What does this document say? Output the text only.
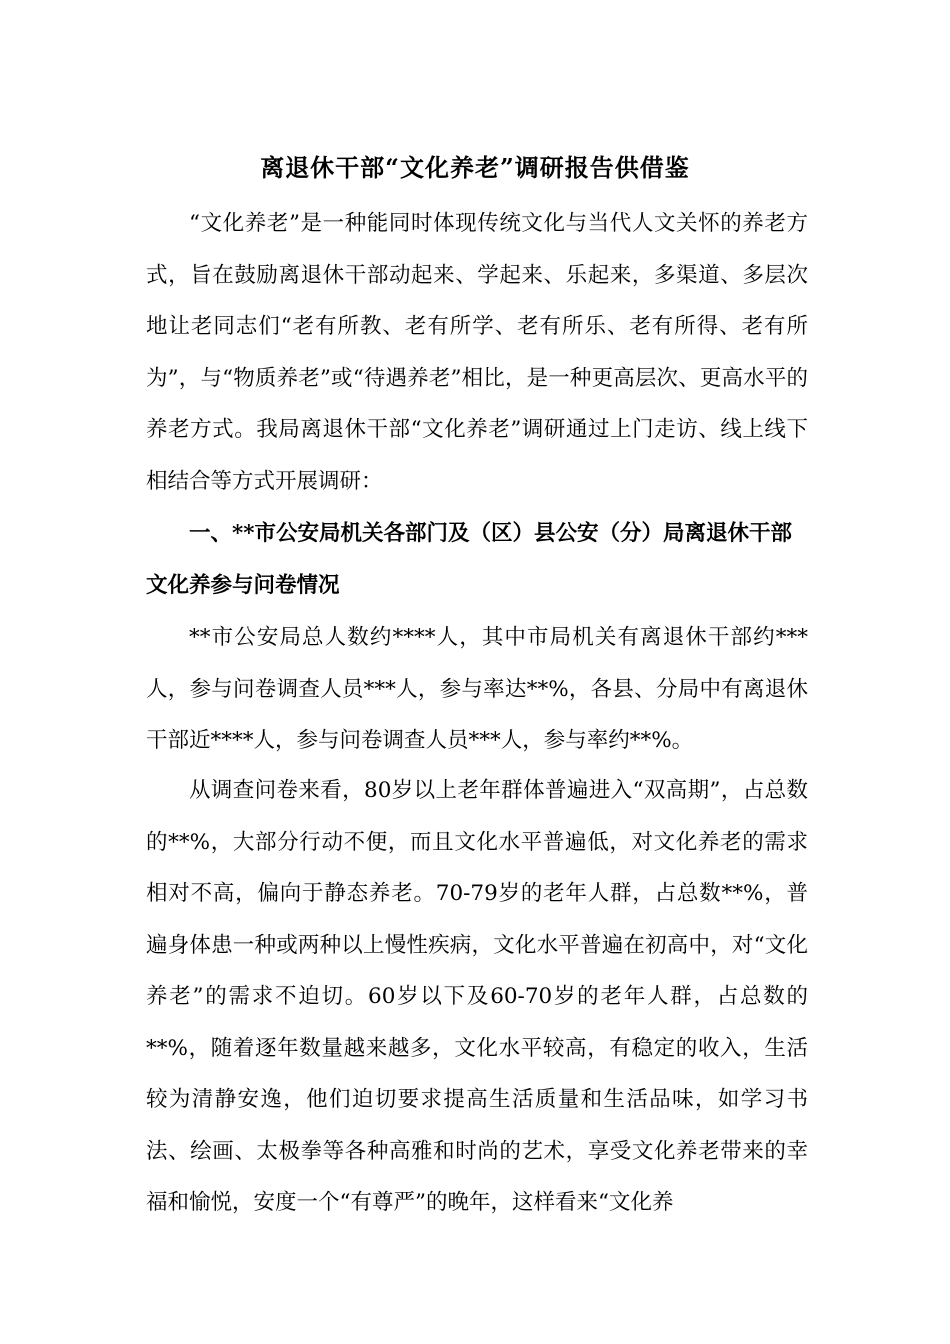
离退休干部“文化养老”调研报告供借鉴

“文化养老”是一种能同时体现传统文化与当代人文关怀的养老方式，旨在鼓励离退休干部动起来、学起来、乐起来，多渠道、多层次地让老同志们“老有所教、老有所学、老有所乐、老有所得、老有所为”，与“物质养老”或“待遇养老”相比，是一种更高层次、更高水平的养老方式。我局离退休干部“文化养老”调研通过上门走访、线上线下相结合等方式开展调研：

一、**市公安局机关各部门及（区）县公安（分）局离退休干部文化养参与问卷情况

**市公安局总人数约****人，其中市局机关有离退休干部约***人，参与问卷调查人员***人，参与率达**%，各县、分局中有离退休干部近****人，参与问卷调查人员***人，参与率约**%。

从调查问卷来看，80岁以上老年群体普遍进入“双高期”，占总数的**%，大部分行动不便，而且文化水平普遍低，对文化养老的需求相对不高，偏向于静态养老。70-79岁的老年人群，占总数**%，普遍身体患一种或两种以上慢性疾病，文化水平普遍在初高中，对“文化养老”的需求不迫切。60岁以下及60-70岁的老年人群，占总数的**%，随着逐年数量越来越多，文化水平较高，有稳定的收入，生活较为清静安逸，他们迫切要求提高生活质量和生活品味，如学习书法、绘画、太极拳等各种高雅和时尚的艺术，享受文化养老带来的幸福和愉悦，安度一个“有尊严”的晚年，这样看来“文化养
